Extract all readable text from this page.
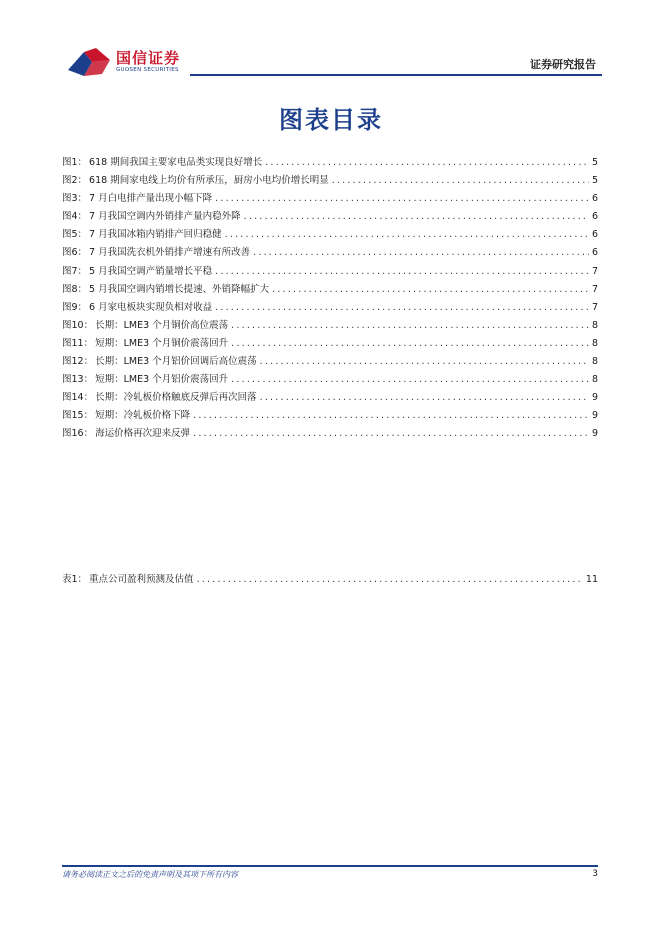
国信证券
GUOSEN SECURITIES	证券研究报告
图表目录
图1： 618 期间我国主要家电品类实现良好增长 .....	5
图2： 618 期间家电线上均价有所承压，厨房小电均价增长明显 .....	5
图3： 7 月白电排产量出现小幅下降 .....	6
图4： 7 月我国空调内外销排产量内稳外降 .....	6
图5： 7 月我国冰箱内销排产回归稳健 .....	6
图6： 7 月我国洗衣机外销排产增速有所改善 .....	6
图7： 5 月我国空调产销量增长平稳 .....	7
图8： 5 月我国空调内销增长提速、外销降幅扩大 .....	7
图9： 6 月家电板块实现负相对收益 .....	7
图10： 长期：LME3 个月铜价高位震荡 .....	8
图11： 短期：LME3 个月铜价震荡回升 .....	8
图12： 长期：LME3 个月铝价回调后高位震荡 .....	8
图13： 短期：LME3 个月铝价震荡回升 .....	8
图14： 长期：冷轧板价格触底反弹后再次回落 .....	9
图15： 短期：冷轧板价格下降 .....	9
图16： 海运价格再次迎来反弹 .....	9
表1： 重点公司盈利预测及估值 .....	11
请务必阅读正文之后的免责声明及其项下所有内容	3
